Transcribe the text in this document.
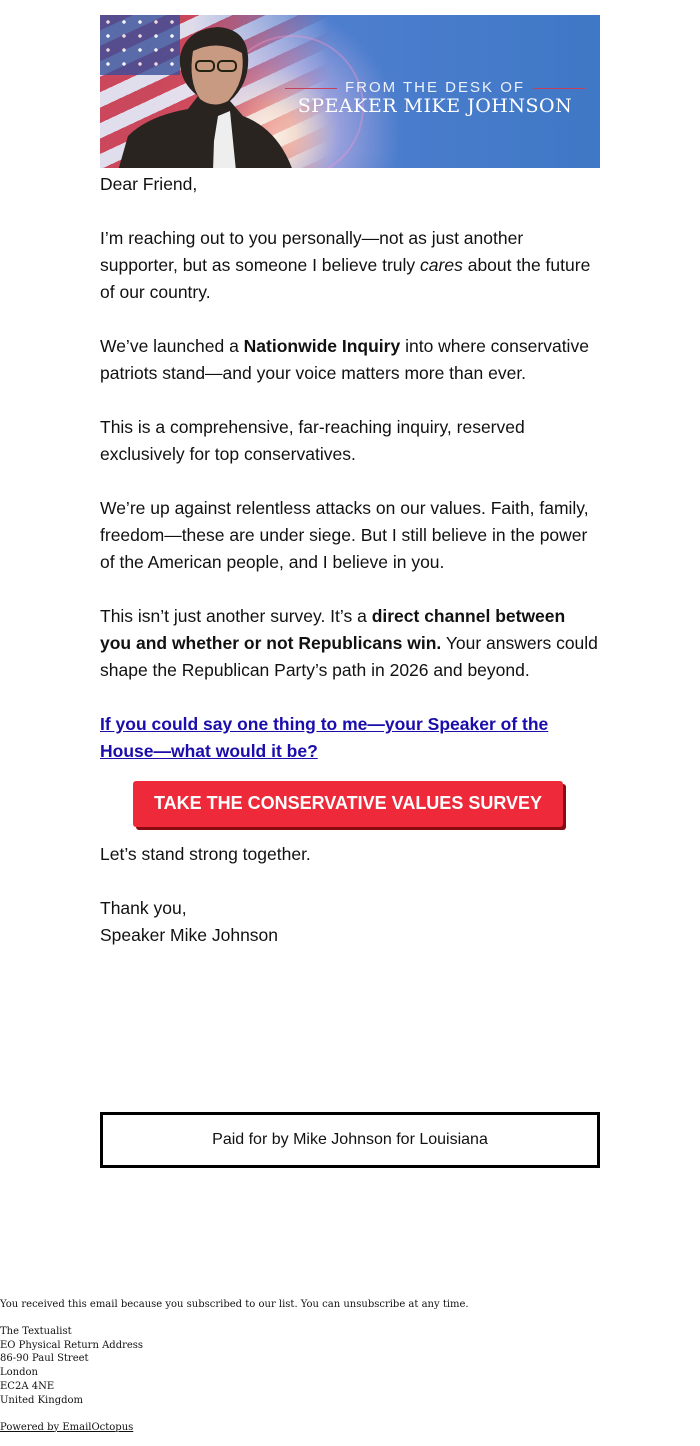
FROM THE DESK OF
SPEAKER MIKE JOHNSON

Dear Friend,

I’m reaching out to you personally—not as just another supporter, but as someone I believe truly cares about the future of our country.

We’ve launched a Nationwide Inquiry into where conservative patriots stand—and your voice matters more than ever.

This is a comprehensive, far-reaching inquiry, reserved exclusively for top conservatives.

We’re up against relentless attacks on our values. Faith, family, freedom—these are under siege. But I still believe in the power of the American people, and I believe in you.

This isn’t just another survey. It’s a direct channel between you and whether or not Republicans win. Your answers could shape the Republican Party’s path in 2026 and beyond.

If you could say one thing to me—your Speaker of the House—what would it be?

TAKE THE CONSERVATIVE VALUES SURVEY

Let’s stand strong together.

Thank you,
Speaker Mike Johnson

Paid for by Mike Johnson for Louisiana
You received this email because you subscribed to our list. You can unsubscribe at any time.
The Textualist
EO Physical Return Address
86-90 Paul Street
London
EC2A 4NE
United Kingdom
Powered by EmailOctopus
